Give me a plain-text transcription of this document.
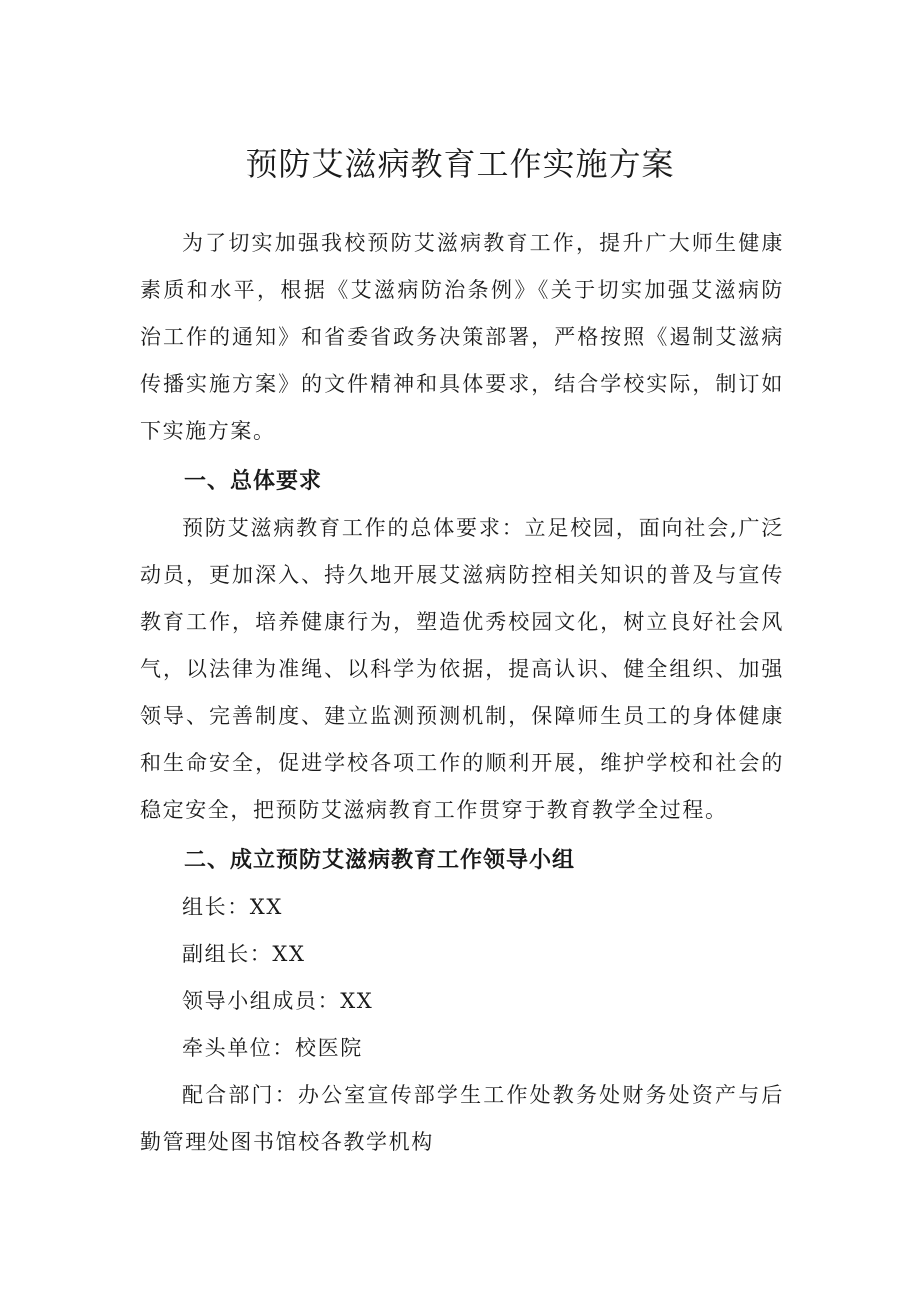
预防艾滋病教育工作实施方案

为了切实加强我校预防艾滋病教育工作，提升广大师生健康素质和水平，根据《艾滋病防治条例》《关于切实加强艾滋病防治工作的通知》和省委省政务决策部署，严格按照《遏制艾滋病传播实施方案》的文件精神和具体要求，结合学校实际，制订如下实施方案。

一、总体要求

预防艾滋病教育工作的总体要求：立足校园，面向社会,广泛动员，更加深入、持久地开展艾滋病防控相关知识的普及与宣传教育工作，培养健康行为，塑造优秀校园文化，树立良好社会风气，以法律为准绳、以科学为依据，提高认识、健全组织、加强领导、完善制度、建立监测预测机制，保障师生员工的身体健康和生命安全，促进学校各项工作的顺利开展，维护学校和社会的稳定安全，把预防艾滋病教育工作贯穿于教育教学全过程。

二、成立预防艾滋病教育工作领导小组

组长：XX

副组长：XX

领导小组成员：XX

牵头单位：校医院

配合部门：办公室宣传部学生工作处教务处财务处资产与后勤管理处图书馆校各教学机构
